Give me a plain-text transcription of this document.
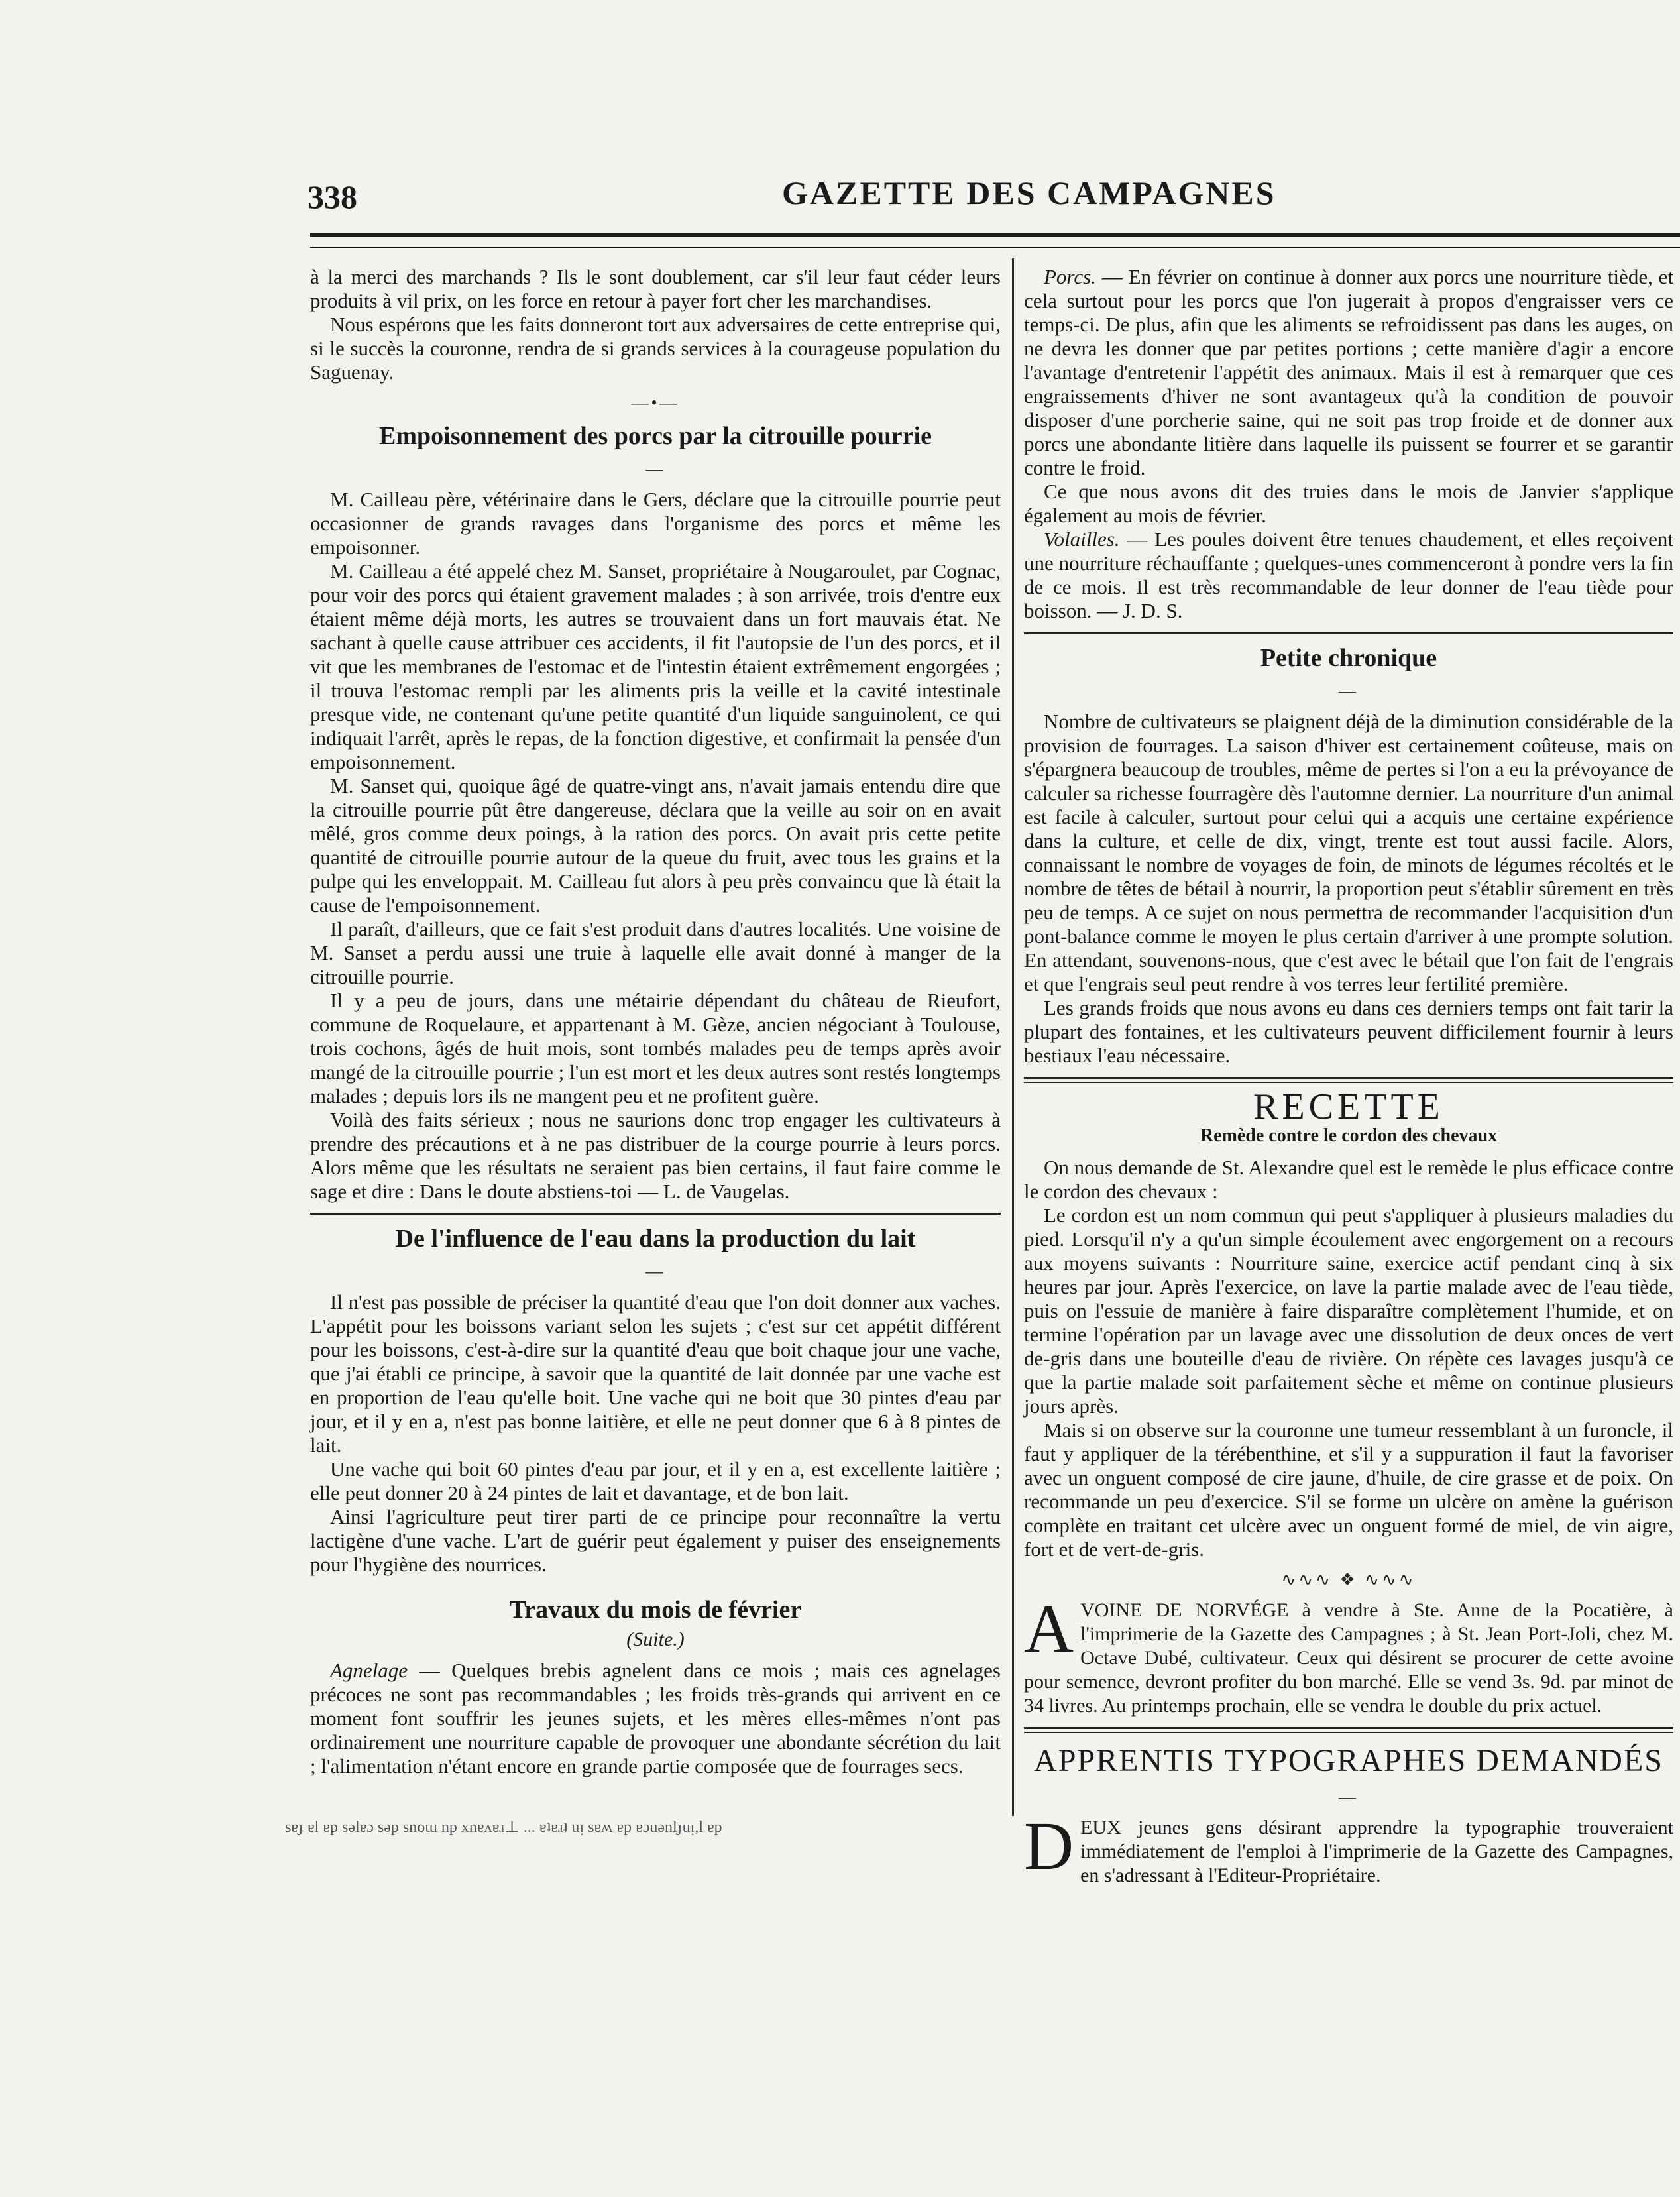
338	GAZETTE DES CAMPAGNES

à la merci des marchands ? Ils le sont doublement, car s'il leur faut céder leurs produits à vil prix, on les force en retour à payer fort cher les marchandises.

Nous espérons que les faits donneront tort aux adversaires de cette entreprise qui, si le succès la couronne, rendra de si grands services à la courageuse population du Saguenay.

—•—
Empoisonnement des porcs par la citrouille pourrie
—

M. Cailleau père, vétérinaire dans le Gers, déclare que la citrouille pourrie peut occasionner de grands ravages dans l'organisme des porcs et même les empoisonner.

M. Cailleau a été appelé chez M. Sanset, propriétaire à Nougaroulet, par Cognac, pour voir des porcs qui étaient gravement malades ; à son arrivée, trois d'entre eux étaient même déjà morts, les autres se trouvaient dans un fort mauvais état. Ne sachant à quelle cause attribuer ces accidents, il fit l'autopsie de l'un des porcs, et il vit que les membranes de l'estomac et de l'intestin étaient extrêmement engorgées ; il trouva l'estomac rempli par les aliments pris la veille et la cavité intestinale presque vide, ne contenant qu'une petite quantité d'un liquide sanguinolent, ce qui indiquait l'arrêt, après le repas, de la fonction digestive, et confirmait la pensée d'un empoisonnement.

M. Sanset qui, quoique âgé de quatre-vingt ans, n'avait jamais entendu dire que la citrouille pourrie pût être dangereuse, déclara que la veille au soir on en avait mêlé, gros comme deux poings, à la ration des porcs. On avait pris cette petite quantité de citrouille pourrie autour de la queue du fruit, avec tous les grains et la pulpe qui les enveloppait. M. Cailleau fut alors à peu près convaincu que là était la cause de l'empoisonnement.

Il paraît, d'ailleurs, que ce fait s'est produit dans d'autres localités. Une voisine de M. Sanset a perdu aussi une truie à laquelle elle avait donné à manger de la citrouille pourrie.

Il y a peu de jours, dans une métairie dépendant du château de Rieufort, commune de Roquelaure, et appartenant à M. Gèze, ancien négociant à Toulouse, trois cochons, âgés de huit mois, sont tombés malades peu de temps après avoir mangé de la citrouille pourrie ; l'un est mort et les deux autres sont restés longtemps malades ; depuis lors ils ne mangent peu et ne profitent guère.

Voilà des faits sérieux ; nous ne saurions donc trop engager les cultivateurs à prendre des précautions et à ne pas distribuer de la courge pourrie à leurs porcs. Alors même que les résultats ne seraient pas bien certains, il faut faire comme le sage et dire : Dans le doute abstiens-toi — L. de Vaugelas.

De l'influence de l'eau dans la production du lait
—

Il n'est pas possible de préciser la quantité d'eau que l'on doit donner aux vaches. L'appétit pour les boissons variant selon les sujets ; c'est sur cet appétit différent pour les boissons, c'est-à-dire sur la quantité d'eau que boit chaque jour une vache, que j'ai établi ce principe, à savoir que la quantité de lait donnée par une vache est en proportion de l'eau qu'elle boit. Une vache qui ne boit que 30 pintes d'eau par jour, et il y en a, n'est pas bonne laitière, et elle ne peut donner que 6 à 8 pintes de lait.

Une vache qui boit 60 pintes d'eau par jour, et il y en a, est excellente laitière ; elle peut donner 20 à 24 pintes de lait et davantage, et de bon lait.

Ainsi l'agriculture peut tirer parti de ce principe pour reconnaître la vertu lactigène d'une vache. L'art de guérir peut également y puiser des enseignements pour l'hygiène des nourrices.

Travaux du mois de février
(Suite.)

Agnelage — Quelques brebis agnelent dans ce mois ; mais ces agnelages précoces ne sont pas recommandables ; les froids très-grands qui arrivent en ce moment font souffrir les jeunes sujets, et les mères elles-mêmes n'ont pas ordinairement une nourriture capable de provoquer une abondante sécrétion du lait ; l'alimentation n'étant encore en grande partie composée que de fourrages secs.

Porcs. — En février on continue à donner aux porcs une nourriture tiède, et cela surtout pour les porcs que l'on jugerait à propos d'engraisser vers ce temps-ci. De plus, afin que les aliments se refroidissent pas dans les auges, on ne devra les donner que par petites portions ; cette manière d'agir a encore l'avantage d'entretenir l'appétit des animaux. Mais il est à remarquer que ces engraissements d'hiver ne sont avantageux qu'à la condition de pouvoir disposer d'une porcherie saine, qui ne soit pas trop froide et de donner aux porcs une abondante litière dans laquelle ils puissent se fourrer et se garantir contre le froid.

Ce que nous avons dit des truies dans le mois de Janvier s'applique également au mois de février.

Volailles. — Les poules doivent être tenues chaudement, et elles reçoivent une nourriture réchauffante ; quelques-unes commenceront à pondre vers la fin de ce mois. Il est très recommandable de leur donner de l'eau tiède pour boisson. — J. D. S.

Petite chronique
—

Nombre de cultivateurs se plaignent déjà de la diminution considérable de la provision de fourrages. La saison d'hiver est certainement coûteuse, mais on s'épargnera beaucoup de troubles, même de pertes si l'on a eu la prévoyance de calculer sa richesse fourragère dès l'automne dernier. La nourriture d'un animal est facile à calculer, surtout pour celui qui a acquis une certaine expérience dans la culture, et celle de dix, vingt, trente est tout aussi facile. Alors, connaissant le nombre de voyages de foin, de minots de légumes récoltés et le nombre de têtes de bétail à nourrir, la proportion peut s'établir sûrement en très peu de temps. A ce sujet on nous permettra de recommander l'acquisition d'un pont-balance comme le moyen le plus certain d'arriver à une prompte solution. En attendant, souvenons-nous, que c'est avec le bétail que l'on fait de l'engrais et que l'engrais seul peut rendre à vos terres leur fertilité première.

Les grands froids que nous avons eu dans ces derniers temps ont fait tarir la plupart des fontaines, et les cultivateurs peuvent difficilement fournir à leurs bestiaux l'eau nécessaire.

RECETTE
Remède contre le cordon des chevaux

On nous demande de St. Alexandre quel est le remède le plus efficace contre le cordon des chevaux :

Le cordon est un nom commun qui peut s'appliquer à plusieurs maladies du pied. Lorsqu'il n'y a qu'un simple écoulement avec engorgement on a recours aux moyens suivants : Nourriture saine, exercice actif pendant cinq à six heures par jour. Après l'exercice, on lave la partie malade avec de l'eau tiède, puis on l'essuie de manière à faire disparaître complètement l'humide, et on termine l'opération par un lavage avec une dissolution de deux onces de vert de-gris dans une bouteille d'eau de rivière. On répète ces lavages jusqu'à ce que la partie malade soit parfaitement sèche et même on continue plusieurs jours après.

Mais si on observe sur la couronne une tumeur ressemblant à un furoncle, il faut y appliquer de la térébenthine, et s'il y a suppuration il faut la favoriser avec un onguent composé de cire jaune, d'huile, de cire grasse et de poix. On recommande un peu d'exercice. S'il se forme un ulcère on amène la guérison complète en traitant cet ulcère avec un onguent formé de miel, de vin aigre, fort et de vert-de-gris.

∿∿∿ ❖ ∿∿∿
A VOINE DE NORVÉGE à vendre à Ste. Anne de la Pocatière, à l'imprimerie de la Gazette des Campagnes ; à St. Jean Port-Joli, chez M. Octave Dubé, cultivateur. Ceux qui désirent se procurer de cette avoine pour semence, devront profiter du bon marché. Elle se vend 3s. 9d. par minot de 34 livres. Au printemps prochain, elle se vendra le double du prix actuel.

APPRENTIS TYPOGRAPHES DEMANDÉS
—
D EUX jeunes gens désirant apprendre la typographie trouveraient immédiatement de l'emploi à l'imprimerie de la Gazette des Campagnes, en s'adressant à l'Editeur-Propriétaire.

sɐɟ ɐl ɐp sǝlɐɔ səp snoɯ np xnɐʌɐɹ⊥ ... ɐʇɐɹʇ uᴉ sɐʍ ɐp ɐɔuǝnlɟuᴉ,l ɐp
